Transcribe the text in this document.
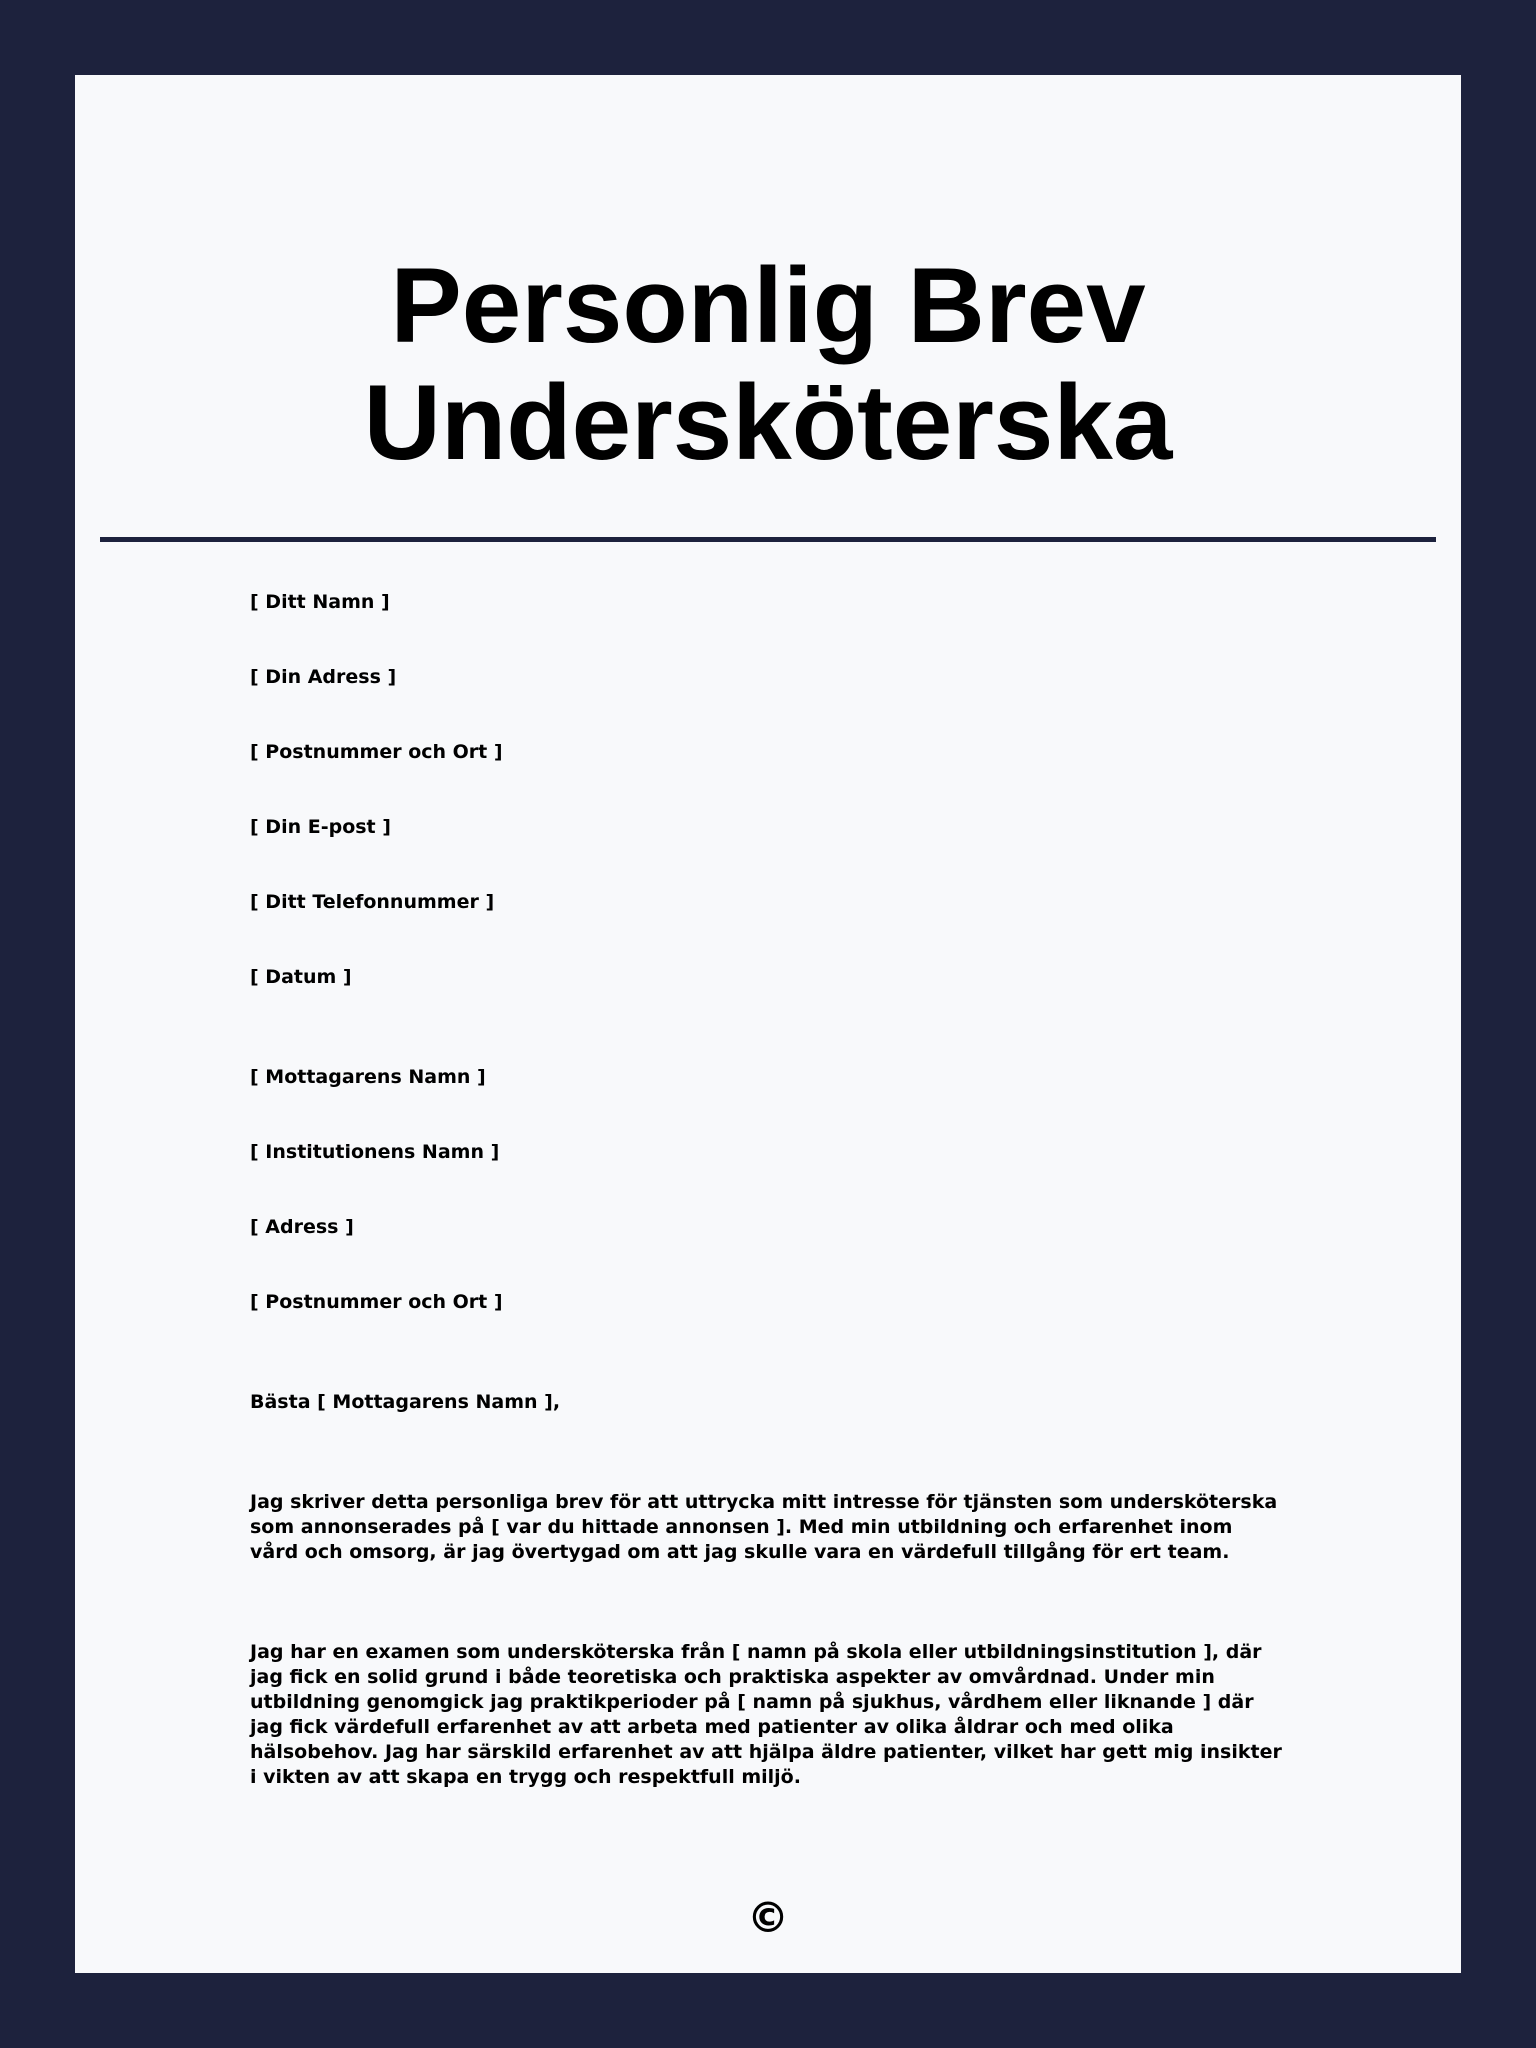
Personlig Brev
Undersköterska
[ Ditt Namn ]
[ Din Adress ]
[ Postnummer och Ort ]
[ Din E-post ]
[ Ditt Telefonnummer ]
[ Datum ]
[ Mottagarens Namn ]
[ Institutionens Namn ]
[ Adress ]
[ Postnummer och Ort ]
Bästa [ Mottagarens Namn ],

Jag skriver detta personliga brev för att uttrycka mitt intresse för tjänsten som undersköterska som annonserades på [ var du hittade annonsen ]. Med min utbildning och erfarenhet inom vård och omsorg, är jag övertygad om att jag skulle vara en värdefull tillgång för ert team.

Jag har en examen som undersköterska från [ namn på skola eller utbildningsinstitution ], där jag fick en solid grund i både teoretiska och praktiska aspekter av omvårdnad. Under min utbildning genomgick jag praktikperioder på [ namn på sjukhus, vårdhem eller liknande ] där jag fick värdefull erfarenhet av att arbeta med patienter av olika åldrar och med olika hälsobehov. Jag har särskild erfarenhet av att hjälpa äldre patienter, vilket har gett mig insikter i vikten av att skapa en trygg och respektfull miljö.

©
